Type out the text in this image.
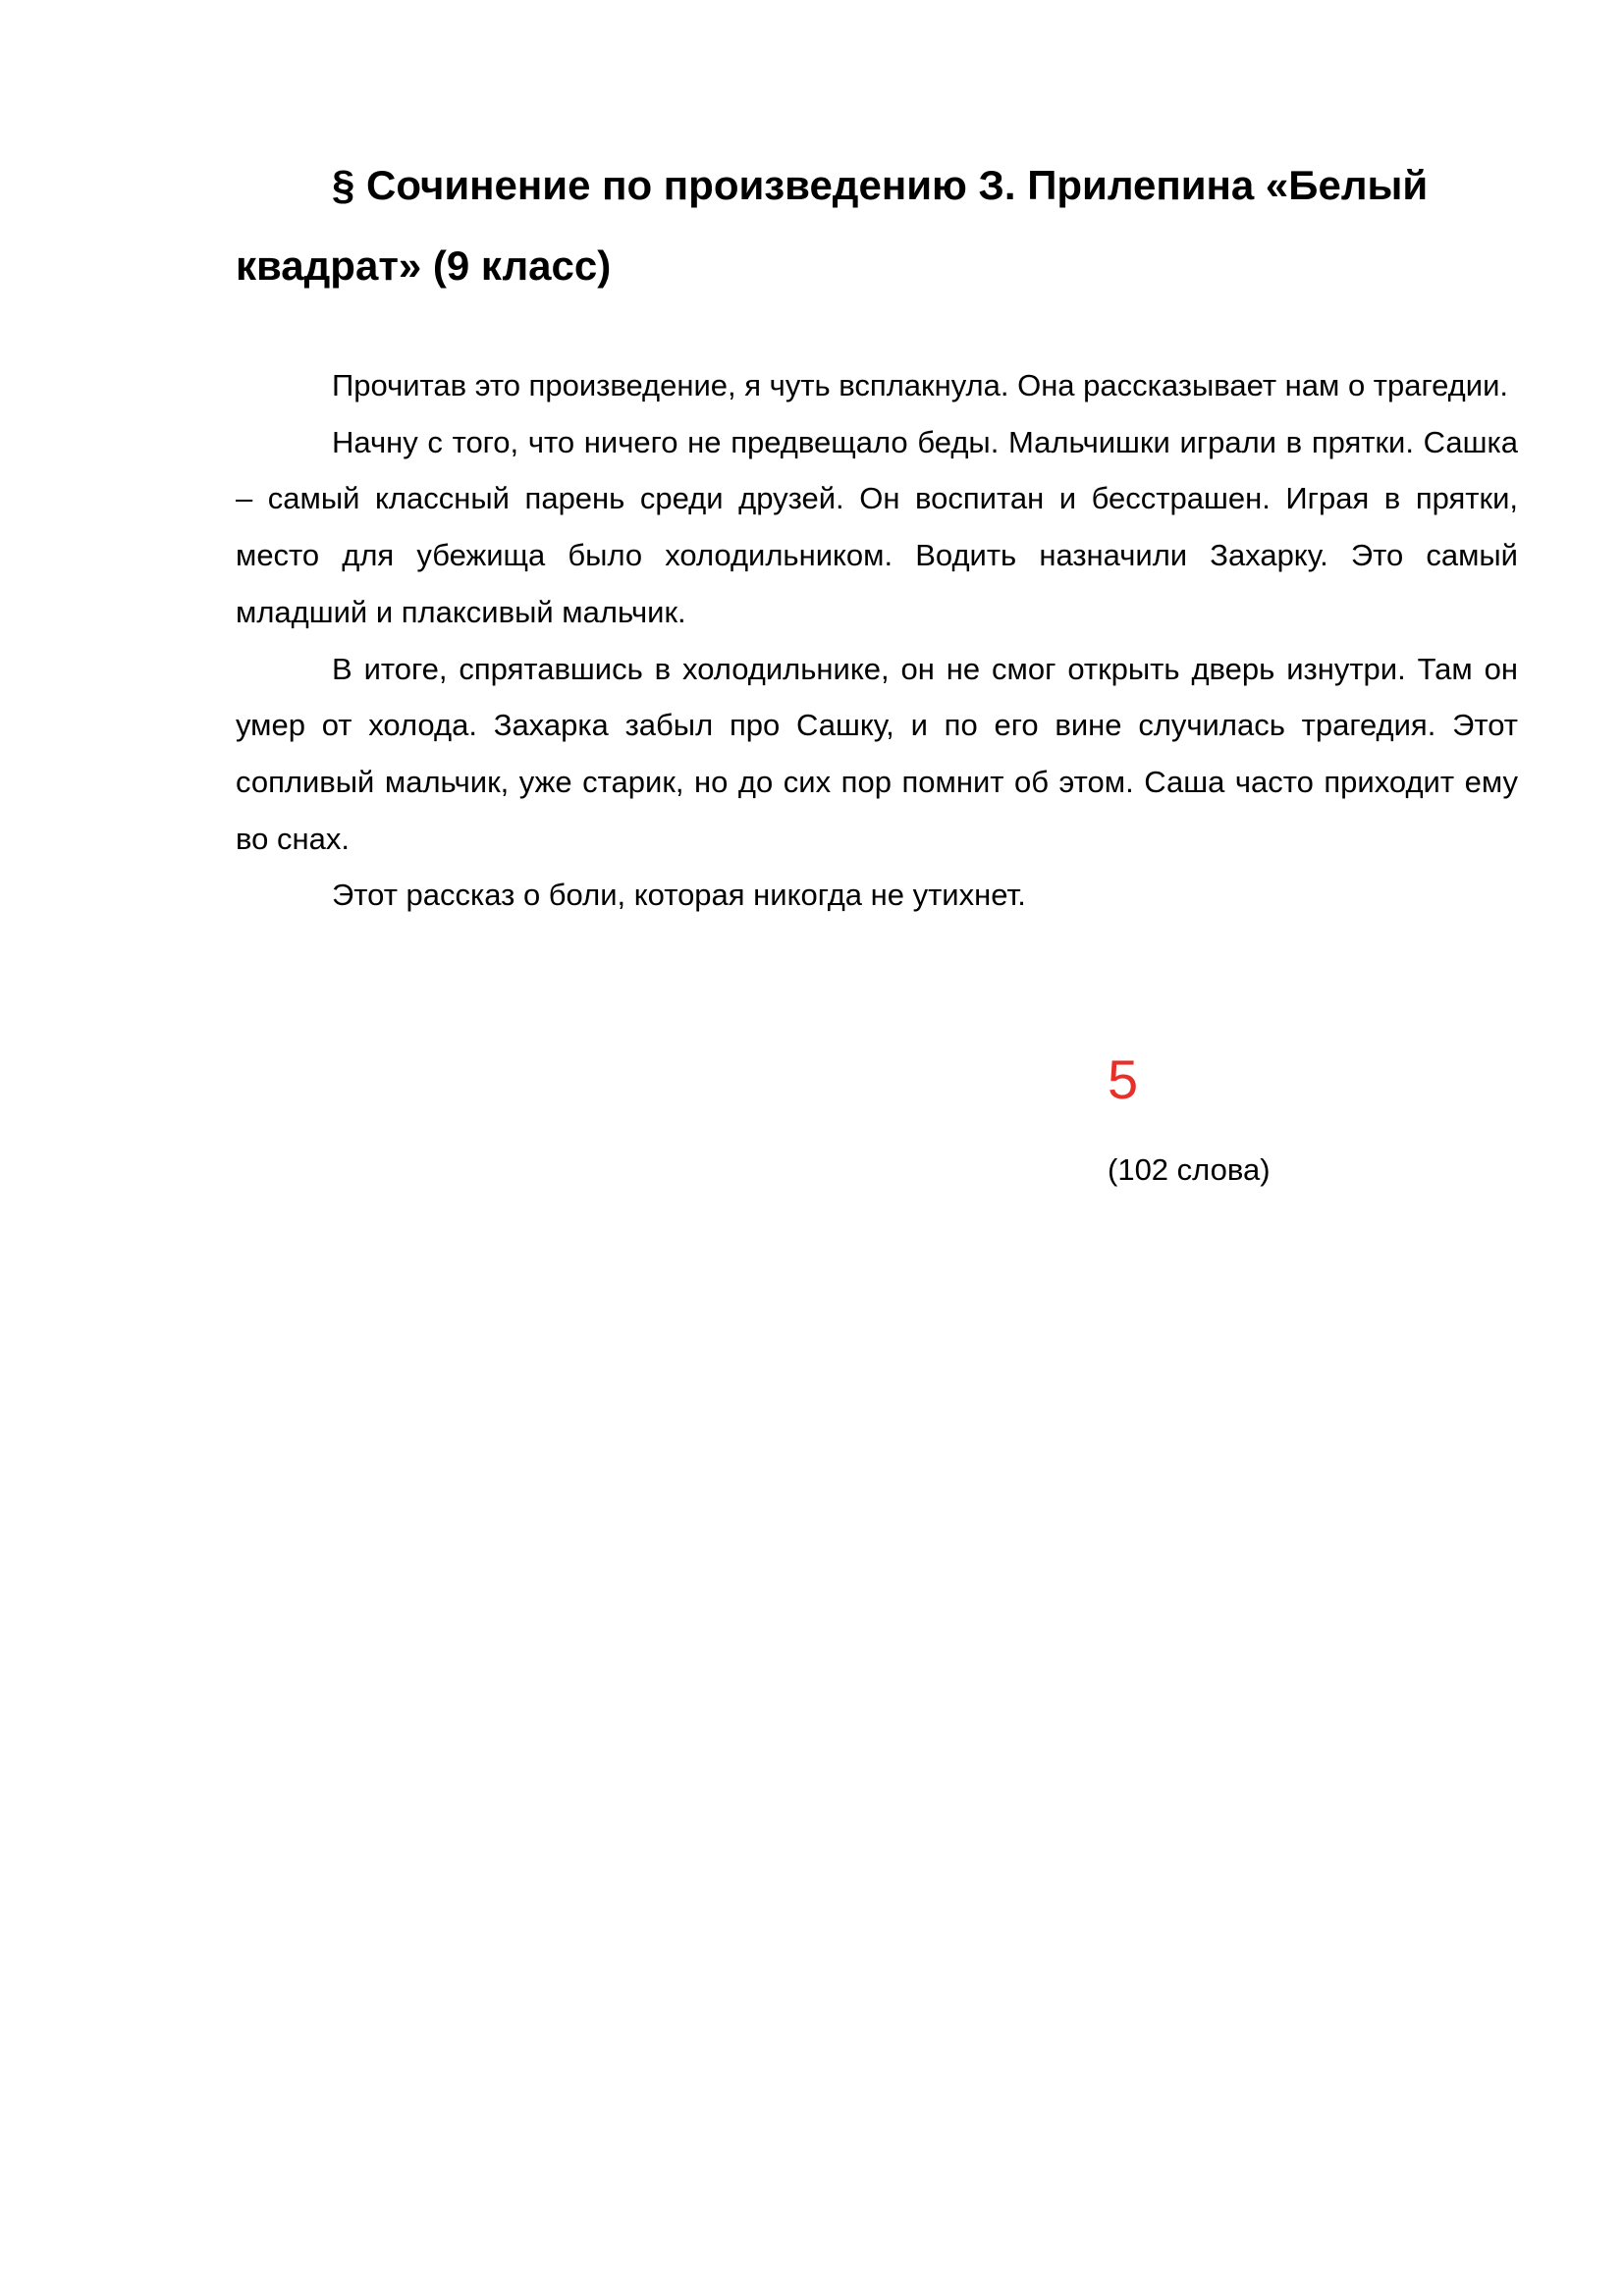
§ Сочинение по произведению З. Прилепина «Белый квадрат» (9 класс)

Прочитав это произведение, я чуть всплакнула. Она рассказывает нам о трагедии.

Начну с того, что ничего не предвещало беды. Мальчишки играли в прятки. Сашка – самый классный парень среди друзей. Он воспитан и бесстрашен. Играя в прятки, место для убежища было холодильником. Водить назначили Захарку. Это самый младший и плаксивый мальчик.

В итоге, спрятавшись в холодильнике, он не смог открыть дверь изнутри. Там он умер от холода. Захарка забыл про Сашку, и по его вине случилась трагедия. Этот сопливый мальчик, уже старик, но до сих пор помнит об этом. Саша часто приходит ему во снах.

Этот рассказ о боли, которая никогда не утихнет.

5

(102 слова)
